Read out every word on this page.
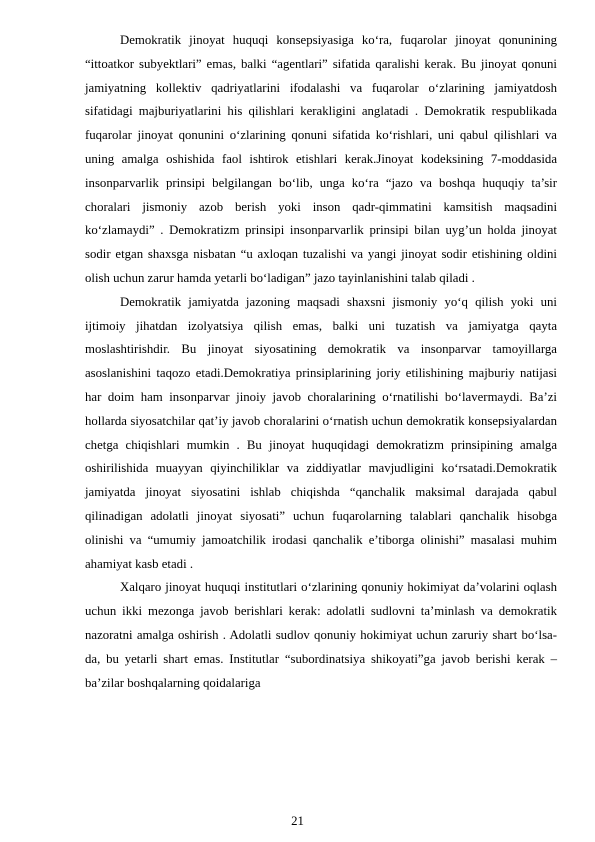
Demokratik jinoyat huquqi konsepsiyasiga ko‘ra, fuqarolar jinoyat qonunining “ittoatkor subyektlari” emas, balki “agentlari” sifatida qaralishi kerak. Bu jinoyat qonuni jamiyatning kollektiv qadriyatlarini ifodalashi va fuqarolar o‘zlarining jamiyatdosh sifatidagi majburiyatlarini his qilishlari kerakligini anglatadi . Demokratik respublikada fuqarolar jinoyat qonunini o‘zlarining qonuni sifatida ko‘rishlari, uni qabul qilishlari va uning amalga oshishida faol ishtirok etishlari kerak.Jinoyat kodeksining 7-moddasida insonparvarlik prinsipi belgilangan bo‘lib, unga ko‘ra “jazo va boshqa huquqiy ta’sir choralari jismoniy azob berish yoki inson qadr-qimmatini kamsitish maqsadini ko‘zlamaydi” . Demokratizm prinsipi insonparvarlik prinsipi bilan uyg’un holda jinoyat sodir etgan shaxsga nisbatan “u axloqan tuzalishi va yangi jinoyat sodir etishining oldini olish uchun zarur hamda yetarli bo‘ladigan” jazo tayinlanishini talab qiladi .

Demokratik jamiyatda jazoning maqsadi shaxsni jismoniy yo‘q qilish yoki uni ijtimoiy jihatdan izolyatsiya qilish emas, balki uni tuzatish va jamiyatga qayta moslashtirishdir. Bu jinoyat siyosatining demokratik va insonparvar tamoyillarga asoslanishini taqozo etadi.Demokratiya prinsiplarining joriy etilishining majburiy natijasi har doim ham insonparvar jinoiy javob choralarining o‘rnatilishi bo‘lavermaydi. Ba’zi hollarda siyosatchilar qat’iy javob choralarini o‘rnatish uchun demokratik konsepsiyalardan chetga chiqishlari mumkin . Bu jinoyat huquqidagi demokratizm prinsipining amalga oshirilishida muayyan qiyinchiliklar va ziddiyatlar mavjudligini ko‘rsatadi.Demokratik jamiyatda jinoyat siyosatini ishlab chiqishda “qanchalik maksimal darajada qabul qilinadigan adolatli jinoyat siyosati” uchun fuqarolarning talablari qanchalik hisobga olinishi va “umumiy jamoatchilik irodasi qanchalik e’tiborga olinishi” masalasi muhim ahamiyat kasb etadi .

Xalqaro jinoyat huquqi institutlari o‘zlarining qonuniy hokimiyat da’volarini oqlash uchun ikki mezonga javob berishlari kerak: adolatli sudlovni ta’minlash va demokratik nazoratni amalga oshirish . Adolatli sudlov qonuniy hokimiyat uchun zaruriy shart bo‘lsa-da, bu yetarli shart emas. Institutlar “subordinatsiya shikoyati”ga javob berishi kerak – ba’zilar boshqalarning qoidalariga

21
